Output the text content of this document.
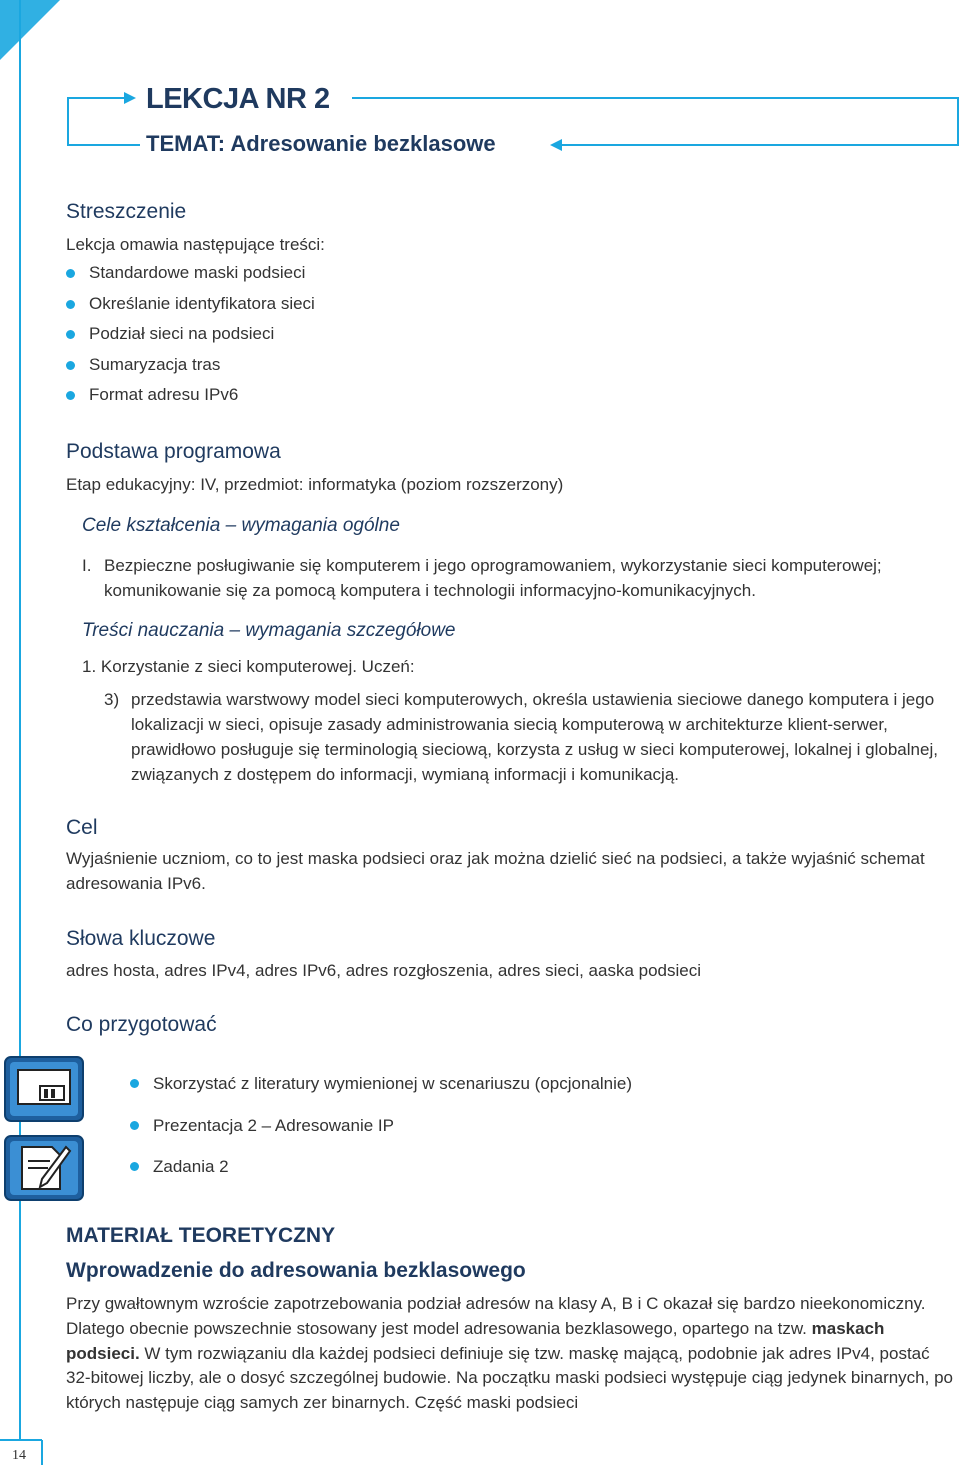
LEKCJA NR 2
TEMAT: Adresowanie bezklasowe
Streszczenie
Lekcja omawia następujące treści:
Standardowe maski podsieci
Określanie identyfikatora sieci
Podział sieci na podsieci
Sumaryzacja tras
Format adresu IPv6
Podstawa programowa
Etap edukacyjny: IV, przedmiot: informatyka (poziom rozszerzony)
Cele kształcenia – wymagania ogólne
I. Bezpieczne posługiwanie się komputerem i jego oprogramowaniem, wykorzystanie sieci komputerowej; komunikowanie się za pomocą komputera i technologii informacyjno-komunikacyjnych.
Treści nauczania – wymagania szczegółowe
1. Korzystanie z sieci komputerowej. Uczeń:
3) przedstawia warstwowy model sieci komputerowych, określa ustawienia sieciowe danego komputera i jego lokalizacji w sieci, opisuje zasady administrowania siecią komputerową w architekturze klient-serwer, prawidłowo posługuje się terminologią sieciową, korzysta z usług w sieci komputerowej, lokalnej i globalnej, związanych z dostępem do informacji, wymianą informacji i komunikacją.
Cel
Wyjaśnienie uczniom, co to jest maska podsieci oraz jak można dzielić sieć na podsieci, a także wyjaśnić schemat adresowania IPv6.
Słowa kluczowe
adres hosta, adres IPv4, adres IPv6, adres rozgłoszenia, adres sieci, aaska podsieci
Co przygotować
Skorzystać z literatury wymienionej w scenariuszu (opcjonalnie)
Prezentacja 2 – Adresowanie IP
Zadania 2
MATERIAŁ TEORETYCZNY
Wprowadzenie do adresowania bezklasowego
Przy gwałtownym wzroście zapotrzebowania podział adresów na klasy A, B i C okazał się bardzo nieekonomiczny. Dlatego obecnie powszechnie stosowany jest model adresowania bezklasowego, opartego na tzw. maskach podsieci. W tym rozwiązaniu dla każdej podsieci definiuje się tzw. maskę mającą, podobnie jak adres IPv4, postać 32-bitowej liczby, ale o dosyć szczególnej budowie. Na początku maski podsieci występuje ciąg jedynek binarnych, po których następuje ciąg samych zer binarnych. Część maski podsieci
14
